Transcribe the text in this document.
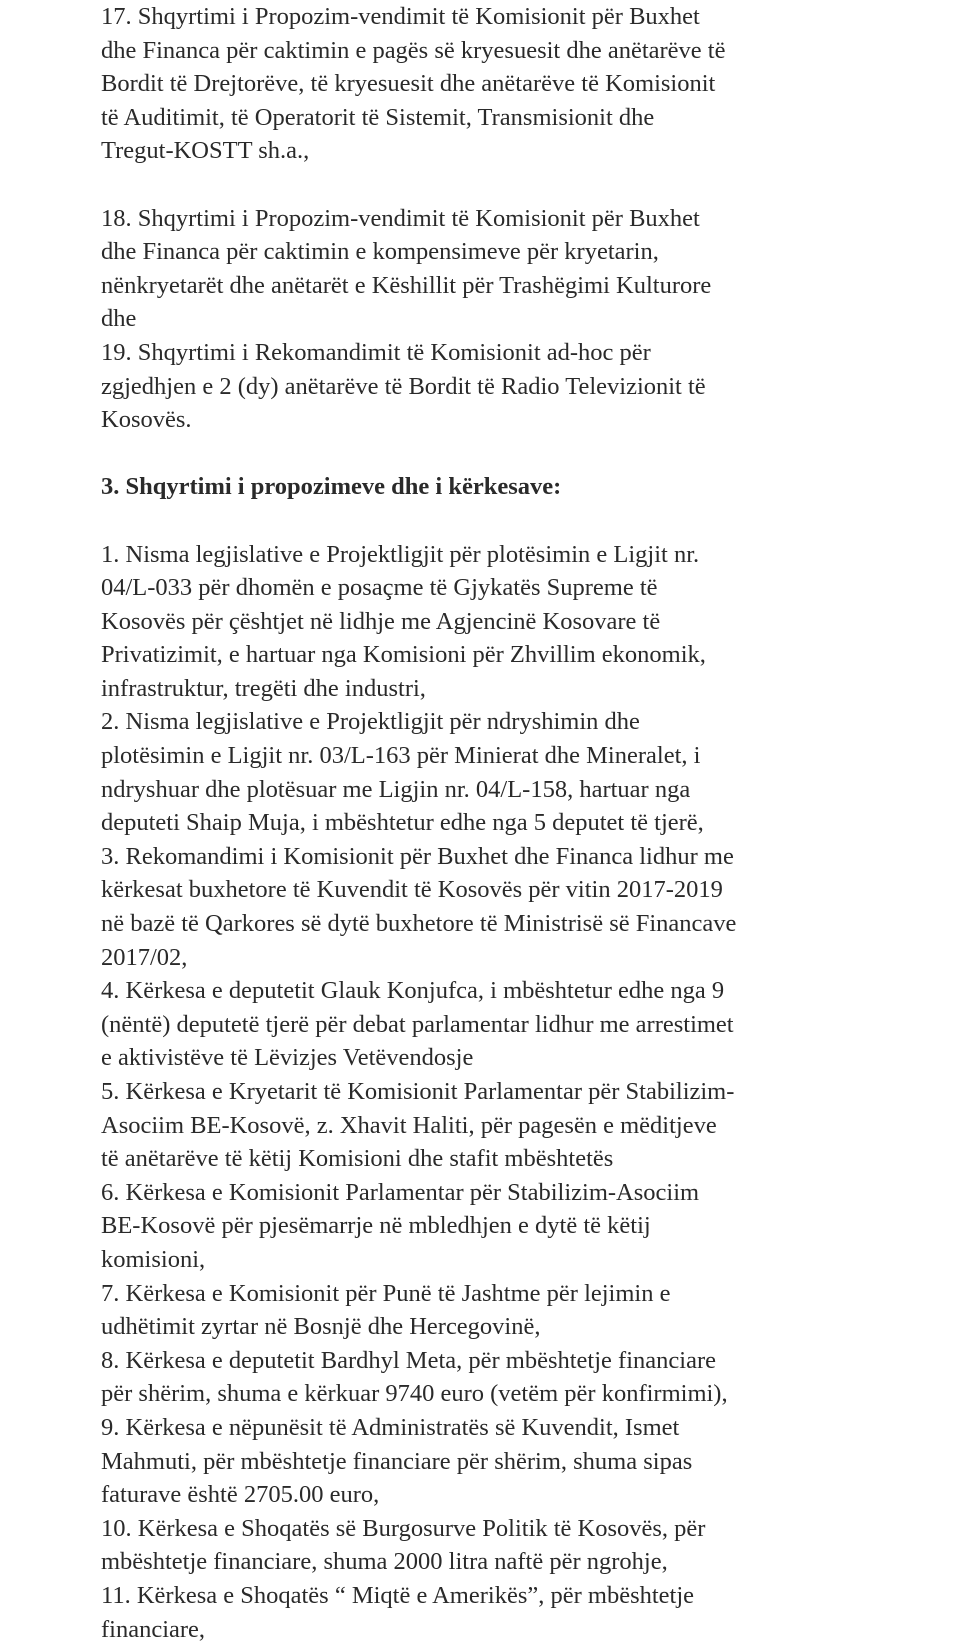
17. Shqyrtimi i Propozim-vendimit të Komisionit për Buxhet
dhe Financa për caktimin e pagës së kryesuesit dhe anëtarëve të
Bordit të Drejtorëve, të kryesuesit dhe anëtarëve të Komisionit
të Auditimit, të Operatorit të Sistemit, Transmisionit dhe
Tregut-KOSTT sh.a.,
18. Shqyrtimi i Propozim-vendimit të Komisionit për Buxhet
dhe Financa për caktimin e kompensimeve për kryetarin,
nënkryetarët dhe anëtarët e Këshillit për Trashëgimi Kulturore
dhe
19. Shqyrtimi i Rekomandimit të Komisionit ad-hoc për
zgjedhjen e 2 (dy) anëtarëve të Bordit të Radio Televizionit të
Kosovës.
3. Shqyrtimi i propozimeve dhe i kërkesave:
1. Nisma legjislative e Projektligjit për plotësimin e Ligjit nr.
04/L-033 për dhomën e posaçme të Gjykatës Supreme të
Kosovës për çështjet në lidhje me Agjencinë Kosovare të
Privatizimit, e hartuar nga Komisioni për Zhvillim ekonomik,
infrastruktur, tregëti dhe industri,
2. Nisma legjislative e Projektligjit për ndryshimin dhe
plotësimin e Ligjit nr. 03/L-163 për Minierat dhe Mineralet, i
ndryshuar dhe plotësuar me Ligjin nr. 04/L-158, hartuar nga
deputeti Shaip Muja, i mbështetur edhe nga 5 deputet të tjerë,
3. Rekomandimi i Komisionit për Buxhet dhe Financa lidhur me
kërkesat buxhetore të Kuvendit të Kosovës për vitin 2017-2019
në bazë të Qarkores së dytë buxhetore të Ministrisë së Financave
2017/02,
4. Kërkesa e deputetit Glauk Konjufca, i mbështetur edhe nga 9
(nëntë) deputetë tjerë për debat parlamentar lidhur me arrestimet
e aktivistëve të Lëvizjes Vetëvendosje
5. Kërkesa e Kryetarit të Komisionit Parlamentar për Stabilizim-
Asociim BE-Kosovë, z. Xhavit Haliti, për pagesën e mëditjeve
të anëtarëve të këtij Komisioni dhe stafit mbështetës
6. Kërkesa e Komisionit Parlamentar për Stabilizim-Asociim
BE-Kosovë për pjesëmarrje në mbledhjen e dytë të këtij
komisioni,
7. Kërkesa e Komisionit për Punë të Jashtme për lejimin e
udhëtimit zyrtar në Bosnjë dhe Hercegovinë,
8. Kërkesa e deputetit Bardhyl Meta, për mbështetje financiare
për shërim, shuma e kërkuar 9740 euro (vetëm për konfirmimi),
9. Kërkesa e nëpunësit të Administratës së Kuvendit, Ismet
Mahmuti, për mbështetje financiare për shërim, shuma sipas
faturave është 2705.00 euro,
10. Kërkesa e Shoqatës së Burgosurve Politik të Kosovës, për
mbështetje financiare, shuma 2000 litra naftë për ngrohje,
11. Kërkesa e Shoqatës “ Miqtë e Amerikës”, për mbështetje
financiare,
